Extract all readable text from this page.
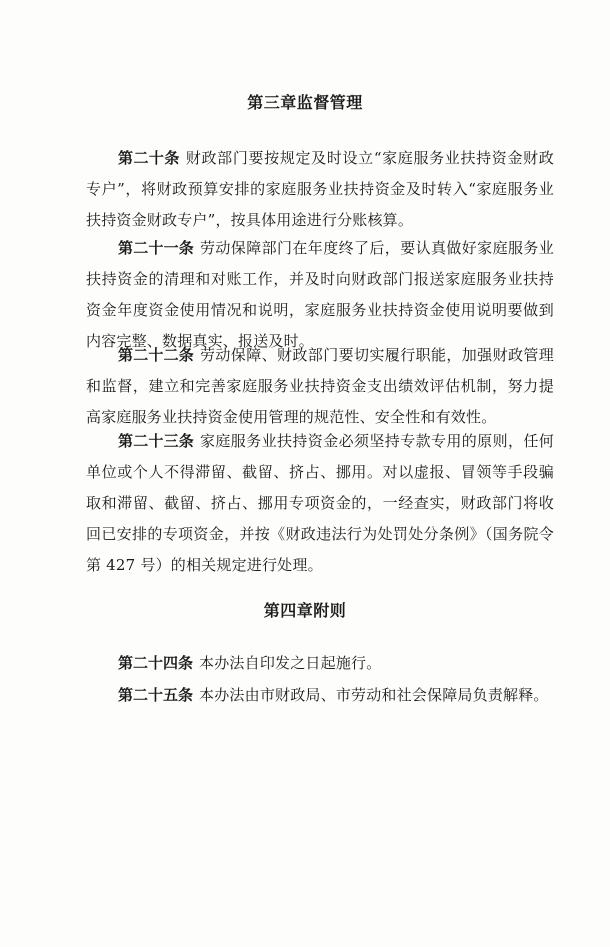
第三章监督管理
第二十条 财政部门要按规定及时设立“家庭服务业扶持资金财政专户”，将财政预算安排的家庭服务业扶持资金及时转入“家庭服务业扶持资金财政专户”，按具体用途进行分账核算。
第二十一条 劳动保障部门在年度终了后，要认真做好家庭服务业扶持资金的清理和对账工作，并及时向财政部门报送家庭服务业扶持资金年度资金使用情况和说明，家庭服务业扶持资金使用说明要做到内容完整、数据真实、报送及时。
第二十二条 劳动保障、财政部门要切实履行职能，加强财政管理和监督，建立和完善家庭服务业扶持资金支出绩效评估机制，努力提高家庭服务业扶持资金使用管理的规范性、安全性和有效性。
第二十三条 家庭服务业扶持资金必须坚持专款专用的原则，任何单位或个人不得滞留、截留、挤占、挪用。对以虚报、冒领等手段骗取和滞留、截留、挤占、挪用专项资金的，一经查实，财政部门将收回已安排的专项资金，并按《财政违法行为处罚处分条例》（国务院令第 427 号）的相关规定进行处理。
第四章附则
第二十四条 本办法自印发之日起施行。
第二十五条 本办法由市财政局、市劳动和社会保障局负责解释。
